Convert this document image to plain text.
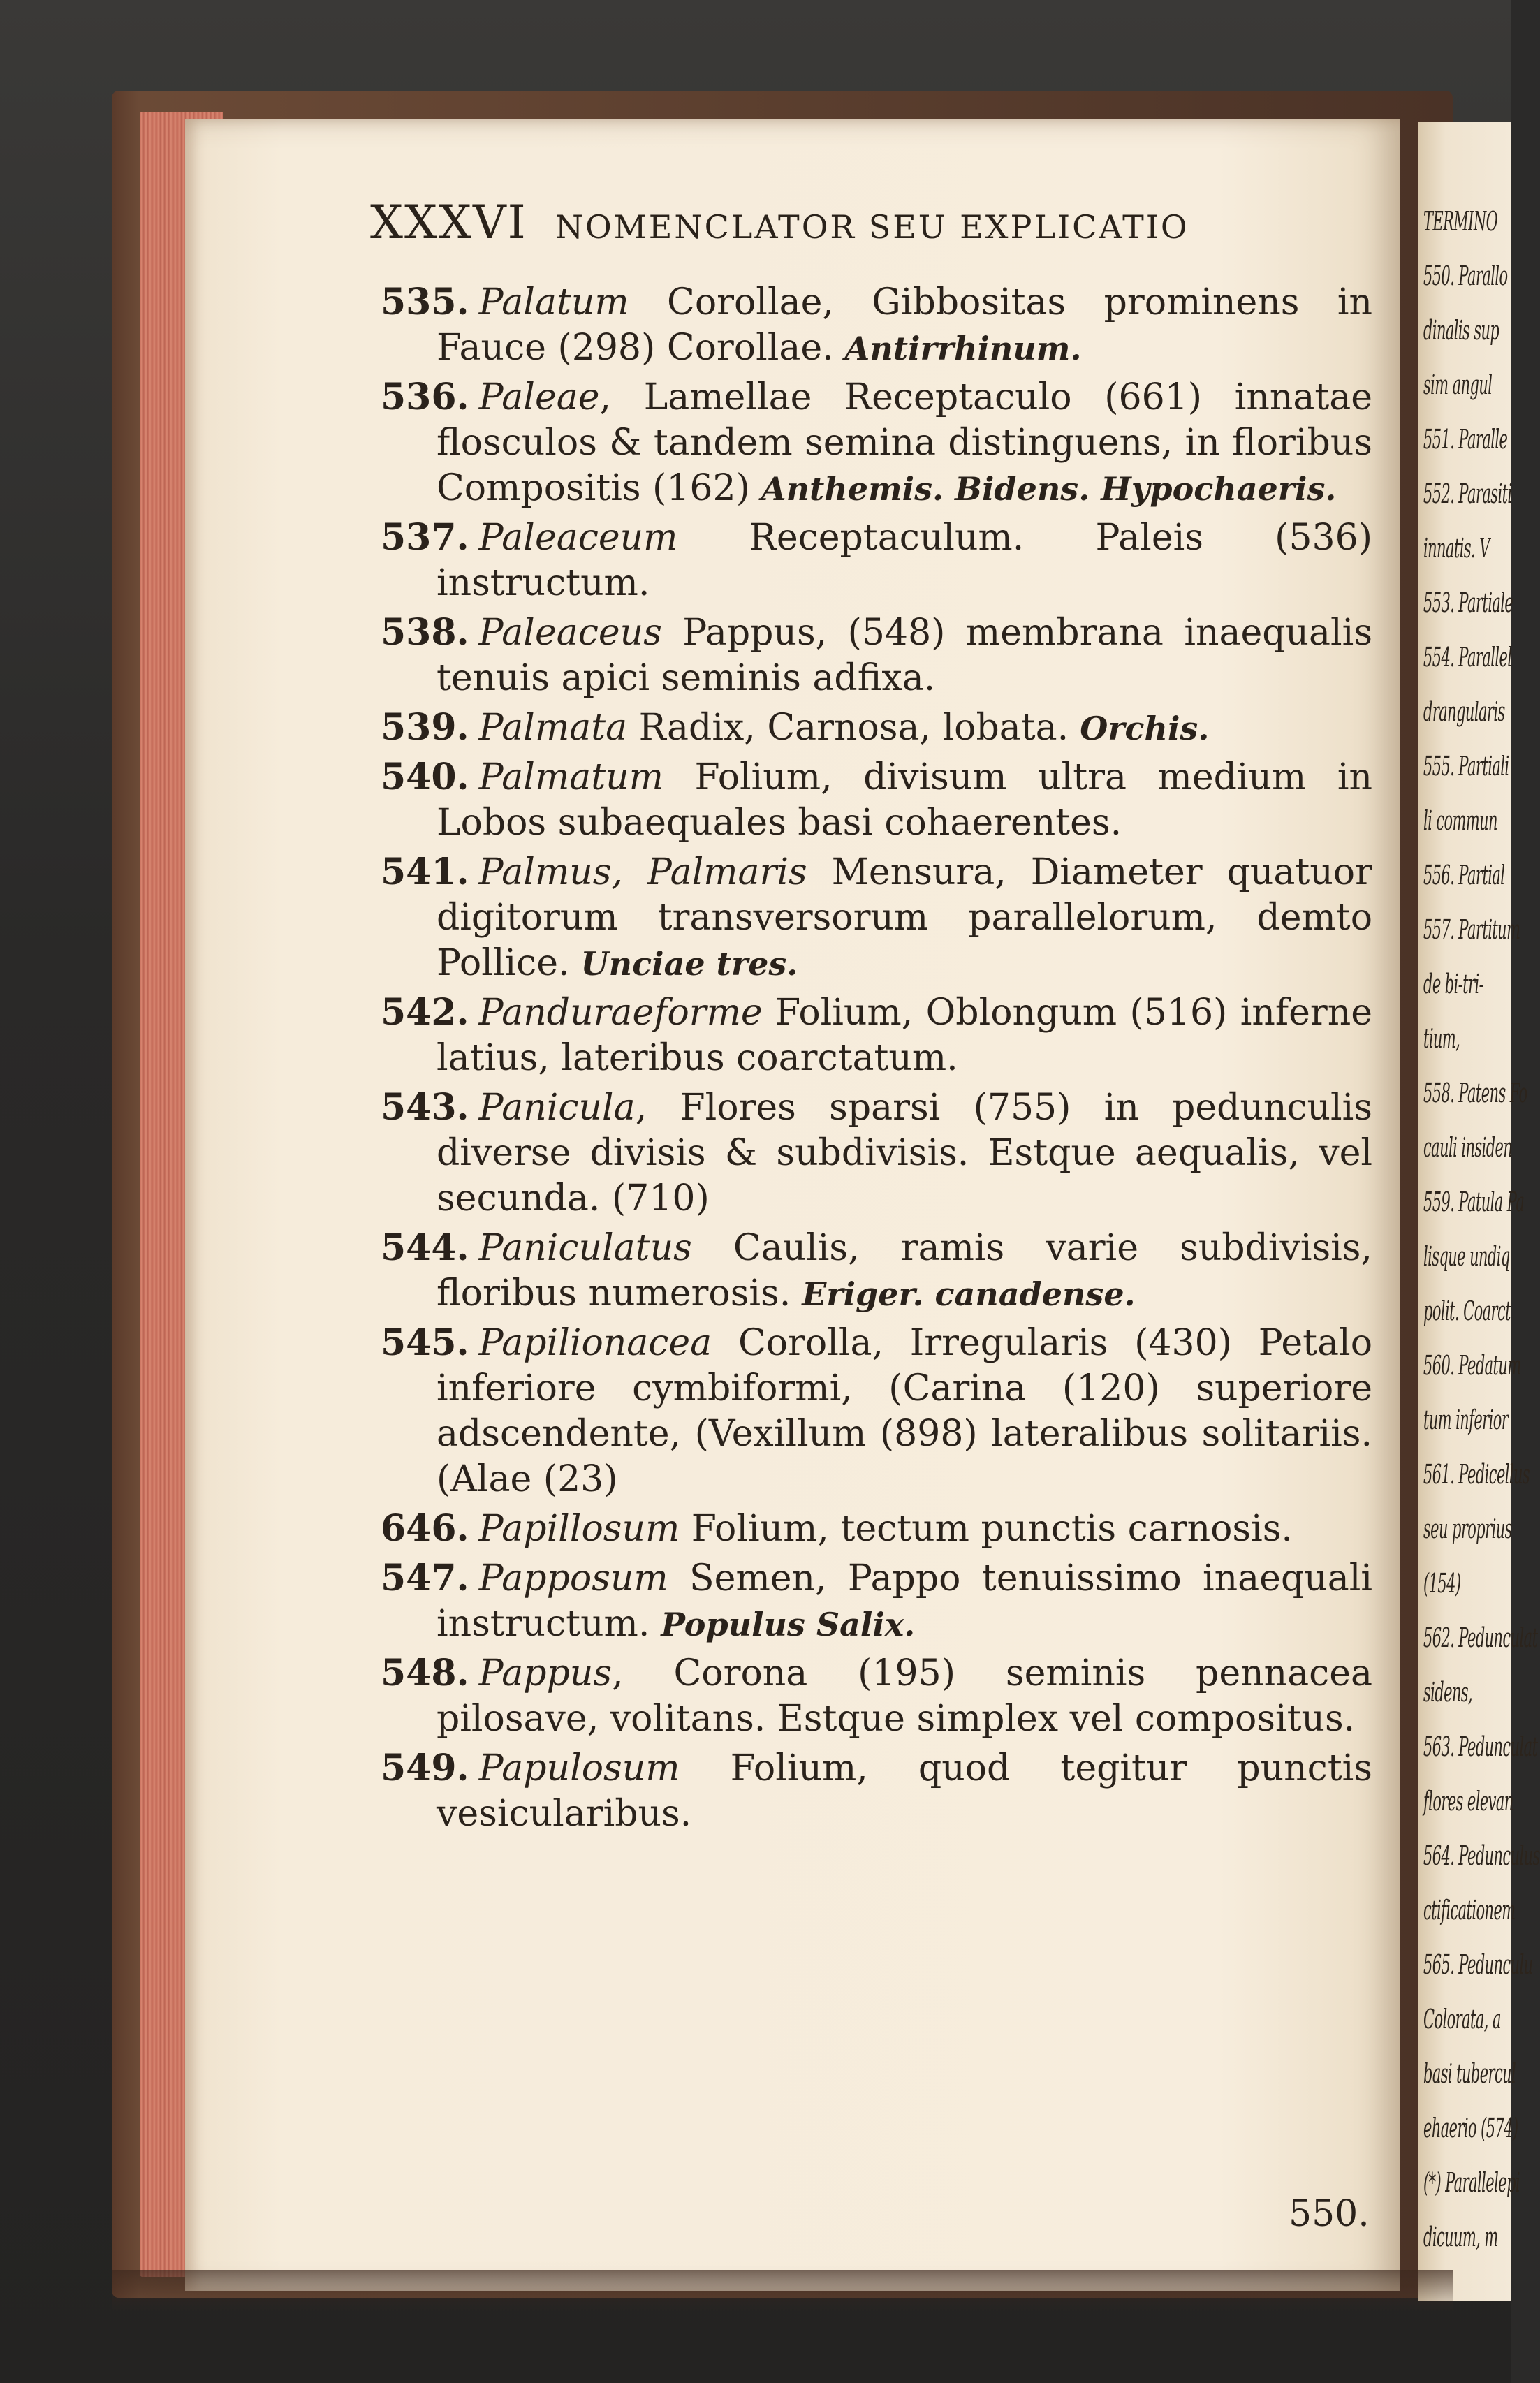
TERMINO
550. Parallo
dinalis sup
sim angul
551. Paralle
552. Parasiti
innatis. V
553. Partiale
554. Parallel
drangularis
555. Partiali
li commun
556. Partial
557. Partitum
de bi-tri-
tium,
558. Patens Fo
cauli insiden
559. Patula Pa
lisque undiq
polit. Coarct
560. Pedatum
tum inferior
561. Pedicellus
seu proprius
(154)
562. Pedunculat
sidens,
563. Pedunculat
flores elevan
564. Pedunculus
ctificationem
565. Pedunculu
Colorata, a
basi tubercul
ehaerio (574)
(*) Parallelepi
dicuum, m
XXXVI NOMENCLATOR SEU EXPLICATIO

535. Palatum Corollae, Gibbositas prominens in Fauce (298) Corollae. Antirrhinum.

536. Paleae, Lamellae Receptaculo (661) innatae flosculos & tandem semina distinguens, in floribus Compositis (162) Anthemis. Bidens. Hypochaeris.

537. Paleaceum Receptaculum. Paleis (536) instructum.

538. Paleaceus Pappus, (548) membrana inaequalis tenuis apici seminis adfixa.

539. Palmata Radix, Carnosa, lobata. Orchis.

540. Palmatum Folium, divisum ultra medium in Lobos subaequales basi cohaerentes.

541. Palmus, Palmaris Mensura, Diameter quatuor digitorum transversorum parallelorum, demto Pollice. Unciae tres.

542. Panduraeforme Folium, Oblongum (516) inferne latius, lateribus coarctatum.

543. Panicula, Flores sparsi (755) in pedunculis diverse divisis & subdivisis. Estque aequalis, vel secunda. (710)

544. Paniculatus Caulis, ramis varie subdivisis, floribus numerosis. Eriger. canadense.

545. Papilionacea Corolla, Irregularis (430) Petalo inferiore cymbiformi, (Carina (120) superiore adscendente, (Vexillum (898) lateralibus solitariis. (Alae (23)

646. Papillosum Folium, tectum punctis carnosis.

547. Papposum Semen, Pappo tenuissimo inaequali instructum. Populus Salix.

548. Pappus, Corona (195) seminis pennacea pilosave, volitans. Estque simplex vel compositus.

549. Papulosum Folium, quod tegitur punctis vesicularibus.

550.
